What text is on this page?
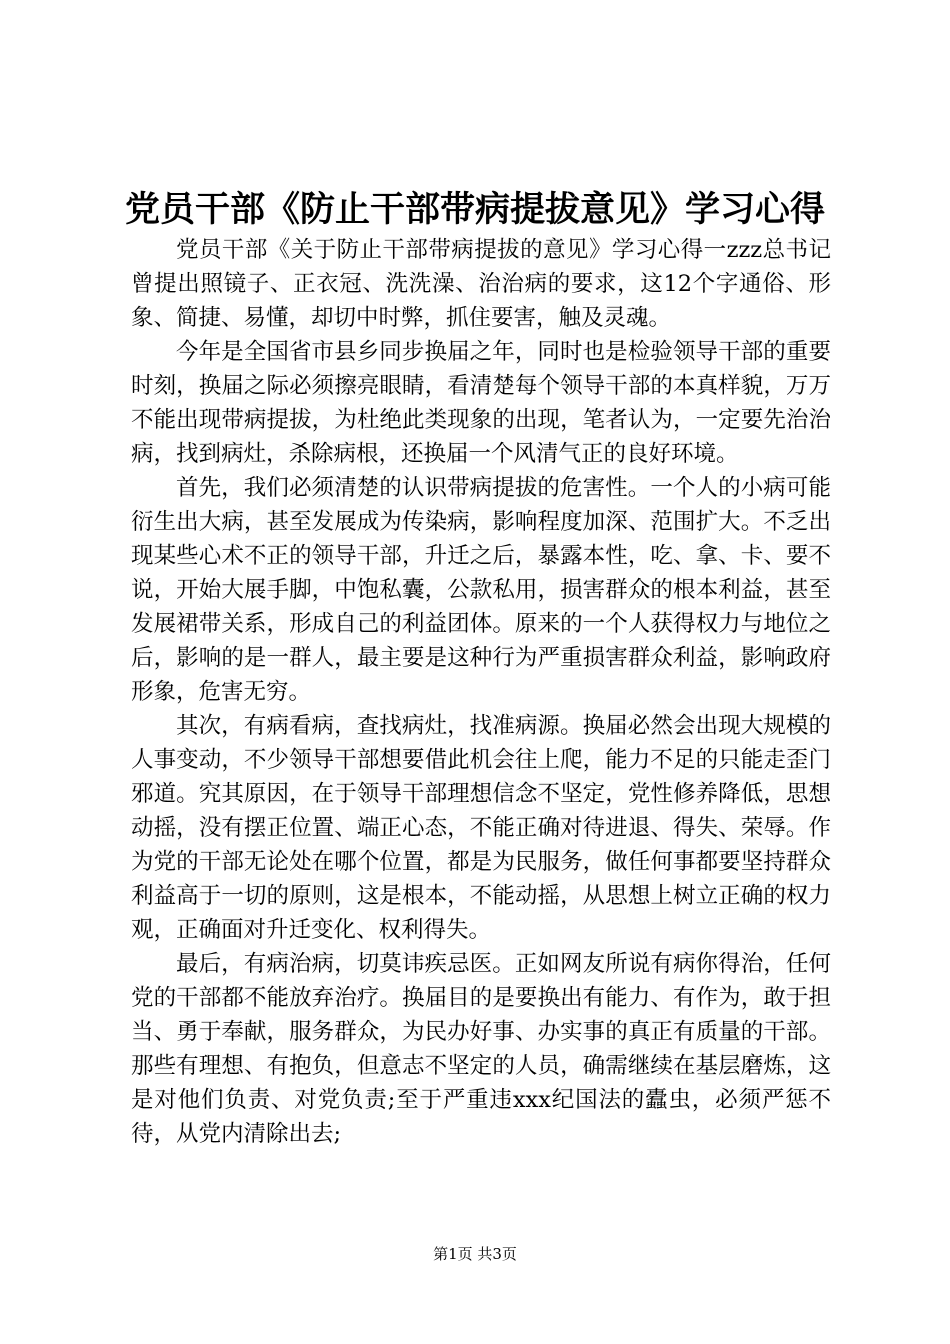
党员干部《防止干部带病提拔意见》学习心得

党员干部《关于防止干部带病提拔的意见》学习心得一zzz总书记曾提出照镜子、正衣冠、洗洗澡、治治病的要求，这12个字通俗、形象、简捷、易懂，却切中时弊，抓住要害，触及灵魂。

今年是全国省市县乡同步换届之年，同时也是检验领导干部的重要时刻，换届之际必须擦亮眼睛，看清楚每个领导干部的本真样貌，万万不能出现带病提拔，为杜绝此类现象的出现，笔者认为，一定要先治治病，找到病灶，杀除病根，还换届一个风清气正的良好环境。

首先，我们必须清楚的认识带病提拔的危害性。一个人的小病可能衍生出大病，甚至发展成为传染病，影响程度加深、范围扩大。不乏出现某些心术不正的领导干部，升迁之后，暴露本性，吃、拿、卡、要不说，开始大展手脚，中饱私囊，公款私用，损害群众的根本利益，甚至发展裙带关系，形成自己的利益团体。原来的一个人获得权力与地位之后，影响的是一群人，最主要是这种行为严重损害群众利益，影响政府形象，危害无穷。

其次，有病看病，查找病灶，找准病源。换届必然会出现大规模的人事变动，不少领导干部想要借此机会往上爬，能力不足的只能走歪门邪道。究其原因，在于领导干部理想信念不坚定，党性修养降低，思想动摇，没有摆正位置、端正心态，不能正确对待进退、得失、荣辱。作为党的干部无论处在哪个位置，都是为民服务，做任何事都要坚持群众利益高于一切的原则，这是根本，不能动摇，从思想上树立正确的权力观，正确面对升迁变化、权利得失。

最后，有病治病，切莫讳疾忌医。正如网友所说有病你得治，任何党的干部都不能放弃治疗。换届目的是要换出有能力、有作为，敢于担当、勇于奉献，服务群众，为民办好事、办实事的真正有质量的干部。那些有理想、有抱负，但意志不坚定的人员，确需继续在基层磨炼，这是对他们负责、对党负责;至于严重违xxx纪国法的蠹虫，必须严惩不待，从党内清除出去;

第1页 共3页
